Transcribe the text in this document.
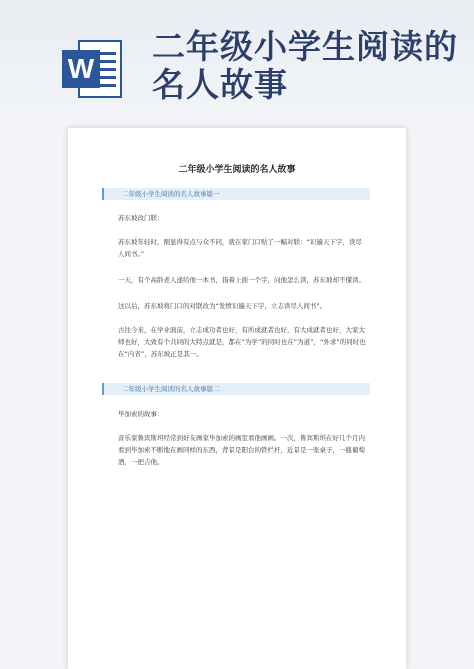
W
二年级小学生阅读的名人故事
二年级小学生阅读的名人故事
二年级小学生阅读的名人故事篇一
苏东坡改门联：
苏东坡年轻时，刚显得有点与众不同，就在家门口贴了一幅对联：“识遍天下字，读尽人间书。”
一天，有个高龄老人递给他一本书，指着上面一个字，问他怎么读，苏东坡却不懂读。
这以后，苏东坡将门口的对联改为“发愤识遍天下字，立志读尽人间书”。
古往今来，在学业面前，立志成功者也好，有所成就者也好，有大成就者也好，大家大师也好，大致有个共同的大特点就是，都在“为学”的同时也在“为道”，“外求”的同时也在“内省”，苏东坡正是其一。
二年级小学生阅读的名人故事篇二
毕加索的故事：
音乐家鲁宾斯坦经常到好友画家毕加索的画室看他画画。一次，鲁宾斯坦在好几个月内看到毕加索不断地在画同样的东西，背景是阳台的铁栏杆，近景是一张桌子，一瓶葡萄酒，一把吉他。
